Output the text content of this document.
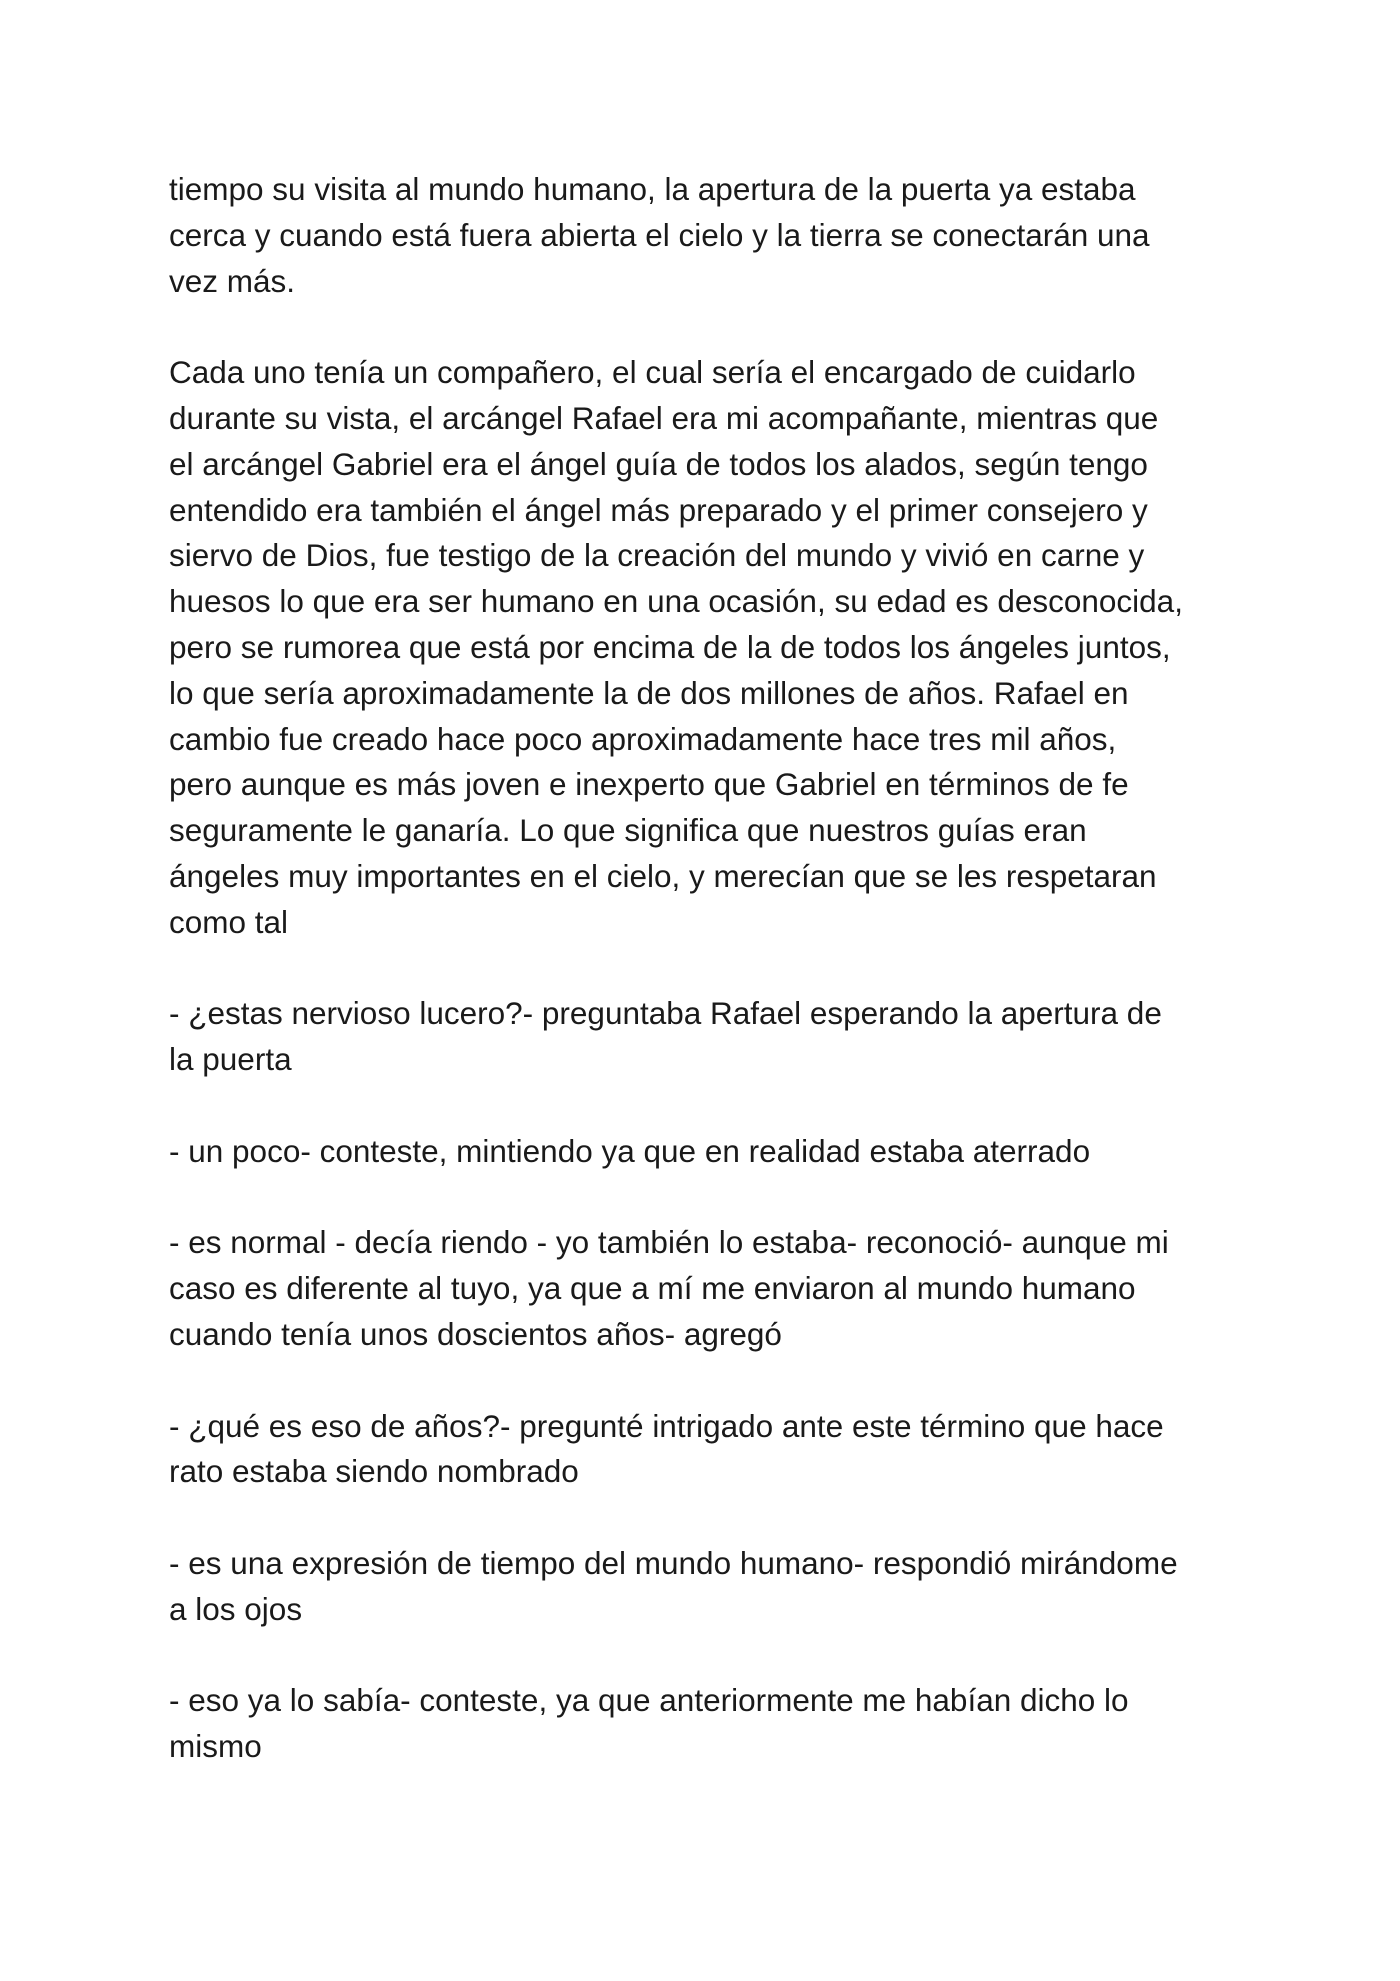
tiempo su visita al mundo humano, la apertura de la puerta ya estaba
cerca y cuando está fuera abierta el cielo y la tierra se conectarán una
vez más.
Cada uno tenía un compañero, el cual sería el encargado de cuidarlo
durante su vista, el arcángel Rafael era mi acompañante, mientras que
el arcángel Gabriel era el ángel guía de todos los alados, según tengo
entendido era también el ángel más preparado y el primer consejero y
siervo de Dios, fue testigo de la creación del mundo y vivió en carne y
huesos lo que era ser humano en una ocasión, su edad es desconocida,
pero se rumorea que está por encima de la de todos los ángeles juntos,
lo que sería aproximadamente la de dos millones de años. Rafael en
cambio fue creado hace poco aproximadamente hace tres mil años,
pero aunque es más joven e inexperto que Gabriel en términos de fe
seguramente le ganaría. Lo que significa que nuestros guías eran
ángeles muy importantes en el cielo, y merecían que se les respetaran
como tal
- ¿estas nervioso lucero?- preguntaba Rafael esperando la apertura de
la puerta
- un poco- conteste, mintiendo ya que en realidad estaba aterrado
- es normal - decía riendo - yo también lo estaba- reconoció- aunque mi
caso es diferente al tuyo, ya que a mí me enviaron al mundo humano
cuando tenía unos doscientos años- agregó
- ¿qué es eso de años?- pregunté intrigado ante este término que hace
rato estaba siendo nombrado
- es una expresión de tiempo del mundo humano- respondió mirándome
a los ojos
- eso ya lo sabía- conteste, ya que anteriormente me habían dicho lo
mismo
